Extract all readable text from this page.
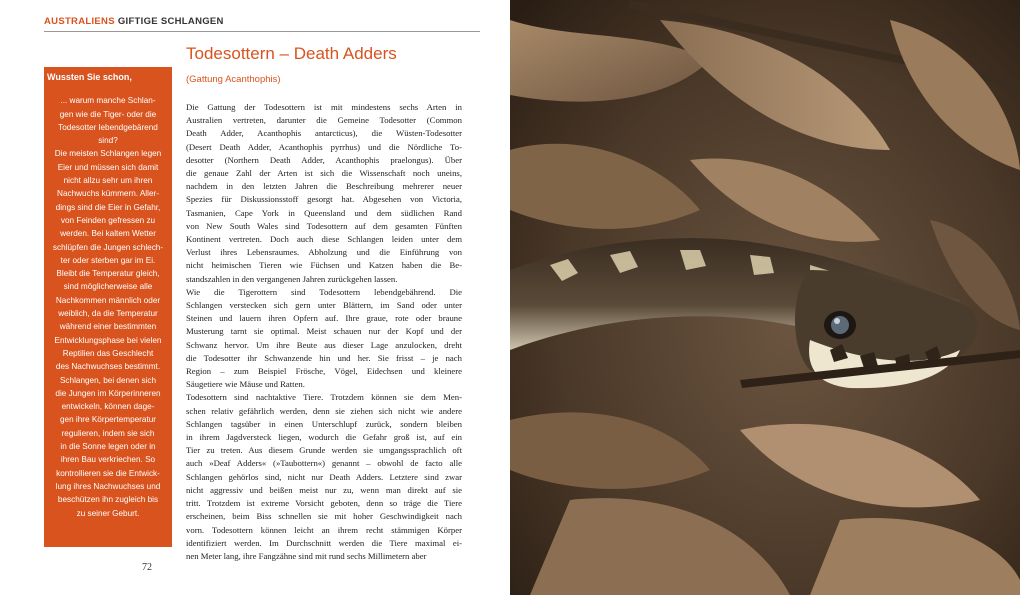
AUSTRALIENS GIFTIGE SCHLANGEN
Wussten Sie schon,
... warum manche Schlan-
gen wie die Tiger- oder die
Todesotter lebendgebärend
sind?
Die meisten Schlangen legen
Eier und müssen sich damit
nicht allzu sehr um ihren
Nachwuchs kümmern. Aller-
dings sind die Eier in Gefahr,
von Feinden gefressen zu
werden. Bei kaltem Wetter
schlüpfen die Jungen schlech-
ter oder sterben gar im Ei.
Bleibt die Temperatur gleich,
sind möglicherweise alle
Nachkommen männlich oder
weiblich, da die Temperatur
während einer bestimmten
Entwicklungsphase bei vielen
Reptilien das Geschlecht
des Nachwuchses bestimmt.
Schlangen, bei denen sich
die Jungen im Körperinneren
entwickeln, können dage-
gen ihre Körpertemperatur
regulieren, indem sie sich
in die Sonne legen oder in
ihren Bau verkriechen. So
kontrollieren sie die Entwick-
lung ihres Nachwuchses und
beschützen ihn zugleich bis
zu seiner Geburt.
Todesottern – Death Adders
(Gattung Acanthophis)
Die Gattung der Todesottern ist mit mindestens sechs Arten in
Australien vertreten, darunter die Gemeine Todesotter (Common
Death Adder, Acanthophis antarcticus), die Wüsten-Todesotter
(Desert Death Adder, Acanthophis pyrrhus) und die Nördliche To-
desotter (Northern Death Adder, Acanthophis praelongus). Über
die genaue Zahl der Arten ist sich die Wissenschaft noch uneins,
nachdem in den letzten Jahren die Beschreibung mehrerer neuer
Spezies für Diskussionsstoff gesorgt hat. Abgesehen von Victoria,
Tasmanien, Cape York in Queensland und dem südlichen Rand
von New South Wales sind Todesottern auf dem gesamten Fünften
Kontinent vertreten. Doch auch diese Schlangen leiden unter dem
Verlust ihres Lebensraumes. Abholzung und die Einführung von
nicht heimischen Tieren wie Füchsen und Katzen haben die Be-
standszahlen in den vergangenen Jahren zurückgehen lassen.
Wie die Tigerottern sind Todesottern lebendgebährend. Die
Schlangen verstecken sich gern unter Blättern, im Sand oder unter
Steinen und lauern ihren Opfern auf. Ihre graue, rote oder braune
Musterung tarnt sie optimal. Meist schauen nur der Kopf und der
Schwanz hervor. Um ihre Beute aus dieser Lage anzulocken, dreht
die Todesotter ihr Schwanzende hin und her. Sie frisst – je nach
Region – zum Beispiel Frösche, Vögel, Eidechsen und kleinere
Säugetiere wie Mäuse und Ratten.
Todesottern sind nachtaktive Tiere. Trotzdem können sie dem Men-
schen relativ gefährlich werden, denn sie ziehen sich nicht wie andere
Schlangen tagsüber in einen Unterschlupf zurück, sondern bleiben
in ihrem Jagdversteck liegen, wodurch die Gefahr groß ist, auf ein
Tier zu treten. Aus diesem Grunde werden sie umgangssprachlich oft
auch »Deaf Adders« (»Taubottern«) genannt – obwohl de facto alle
Schlangen gehörlos sind, nicht nur Death Adders. Letztere sind zwar
nicht aggressiv und beißen meist nur zu, wenn man direkt auf sie
tritt. Trotzdem ist extreme Vorsicht geboten, denn so träge die Tiere
erscheinen, beim Biss schnellen sie mit hoher Geschwindigkeit nach
vorn. Todesottern können leicht an ihrem recht stämmigen Körper
identifiziert werden. Im Durchschnitt werden die Tiere maximal ei-
nen Meter lang, ihre Fangzähne sind mit rund sechs Millimetern aber
72
